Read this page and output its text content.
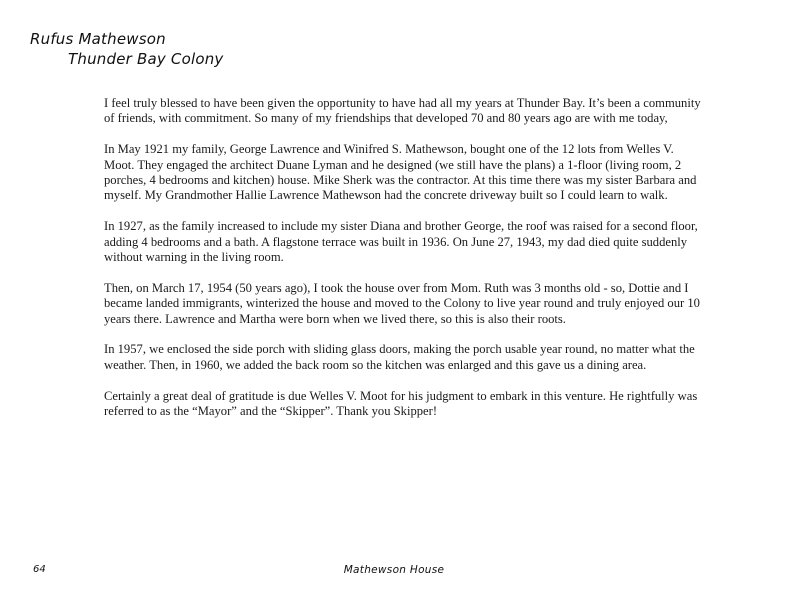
Rufus Mathewson
Thunder Bay Colony

I feel truly blessed to have been given the opportunity to have had all my years at Thunder Bay. It’s been a community of friends, with commitment. So many of my friendships that developed 70 and 80 years ago are with me today,

In May 1921 my family, George Lawrence and Winifred S. Mathewson, bought one of the 12 lots from Welles V. Moot. They engaged the architect Duane Lyman and he designed (we still have the plans) a 1-floor (living room, 2 porches, 4 bedrooms and kitchen) house. Mike Sherk was the contractor. At this time there was my sister Barbara and myself. My Grandmother Hallie Lawrence Mathewson had the concrete driveway built so I could learn to walk.

In 1927, as the family increased to include my sister Diana and brother George, the roof was raised for a second floor, adding 4 bedrooms and a bath. A flagstone terrace was built in 1936. On June 27, 1943, my dad died quite suddenly without warning in the living room.

Then, on March 17, 1954 (50 years ago), I took the house over from Mom. Ruth was 3 months old - so, Dottie and I became landed immigrants, winterized the house and moved to the Colony to live year round and truly enjoyed our 10 years there. Lawrence and Martha were born when we lived there, so this is also their roots.

In 1957, we enclosed the side porch with sliding glass doors, making the porch usable year round, no matter what the weather. Then, in 1960, we added the back room so the kitchen was enlarged and this gave us a dining area.

Certainly a great deal of gratitude is due Welles V. Moot for his judgment to embark in this venture. He rightfully was referred to as the “Mayor” and the “Skipper”. Thank you Skipper!

64	Mathewson House
